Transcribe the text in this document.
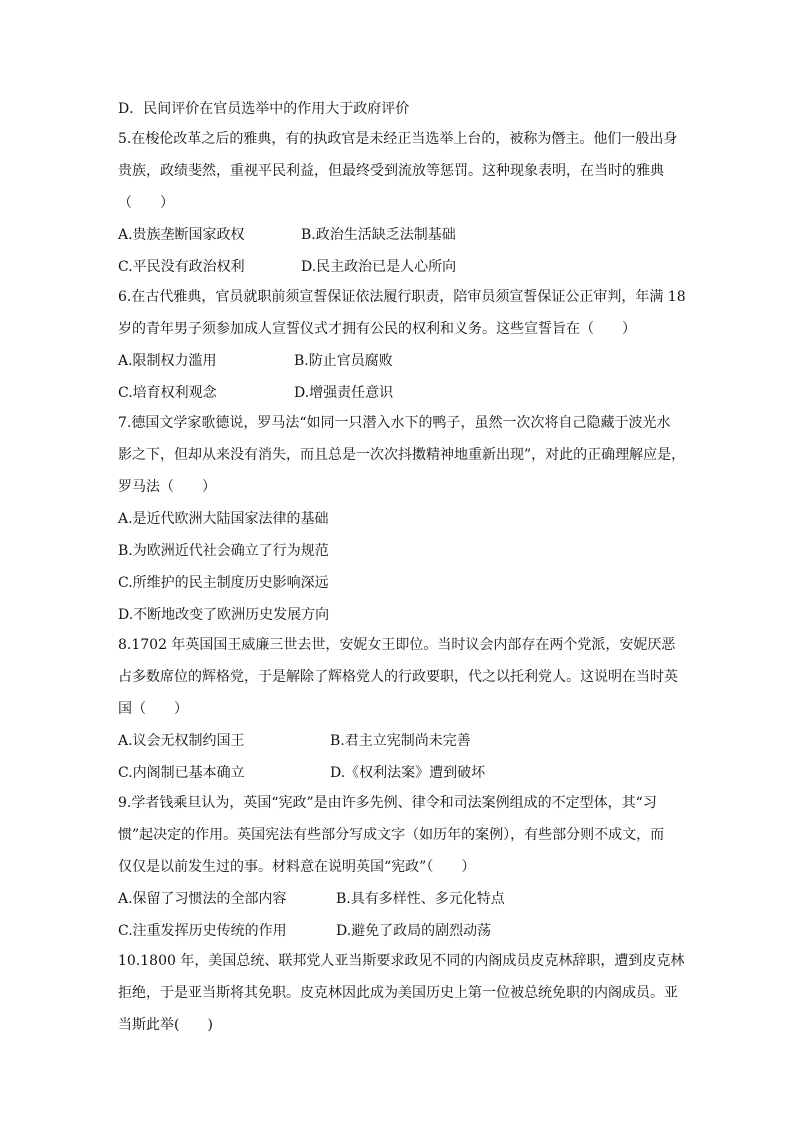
D．民间评价在官员选举中的作用大于政府评价

5.在梭伦改革之后的雅典，有的执政官是未经正当选举上台的，被称为僭主。他们一般出身

贵族，政绩斐然，重视平民利益，但最终受到流放等惩罚。这种现象表明，在当时的雅典

（　　）

A.贵族垄断国家政权	B.政治生活缺乏法制基础
C.平民没有政治权利	D.民主政治已是人心所向

6.在古代雅典，官员就职前须宣誓保证依法履行职责，陪审员须宣誓保证公正审判，年满 18

岁的青年男子须参加成人宣誓仪式才拥有公民的权利和义务。这些宣誓旨在（　　）

A.限制权力滥用	B.防止官员腐败
C.培育权利观念	D.增强责任意识

7.德国文学家歌德说，罗马法“如同一只潜入水下的鸭子，虽然一次次将自己隐藏于波光水

影之下，但却从来没有消失，而且总是一次次抖擞精神地重新出现”，对此的正确理解应是，

罗马法（　　）

A.是近代欧洲大陆国家法律的基础

B.为欧洲近代社会确立了行为规范

C.所维护的民主制度历史影响深远

D.不断地改变了欧洲历史发展方向

8.1702 年英国国王威廉三世去世，安妮女王即位。当时议会内部存在两个党派，安妮厌恶

占多数席位的辉格党，于是解除了辉格党人的行政要职，代之以托利党人。这说明在当时英

国（　　）

A.议会无权制约国王	B.君主立宪制尚未完善
C.内阁制已基本确立	D.《权利法案》遭到破坏

9.学者钱乘旦认为，英国“宪政”是由许多先例、律令和司法案例组成的不定型体，其“习

惯”起决定的作用。英国宪法有些部分写成文字（如历年的案例），有些部分则不成文，而

仅仅是以前发生过的事。材料意在说明英国“宪政”（　　）

A.保留了习惯法的全部内容	B.具有多样性、多元化特点
C.注重发挥历史传统的作用	D.避免了政局的剧烈动荡

10.1800 年，美国总统、联邦党人亚当斯要求政见不同的内阁成员皮克林辞职，遭到皮克林

拒绝，于是亚当斯将其免职。皮克林因此成为美国历史上第一位被总统免职的内阁成员。亚

当斯此举(　　)
